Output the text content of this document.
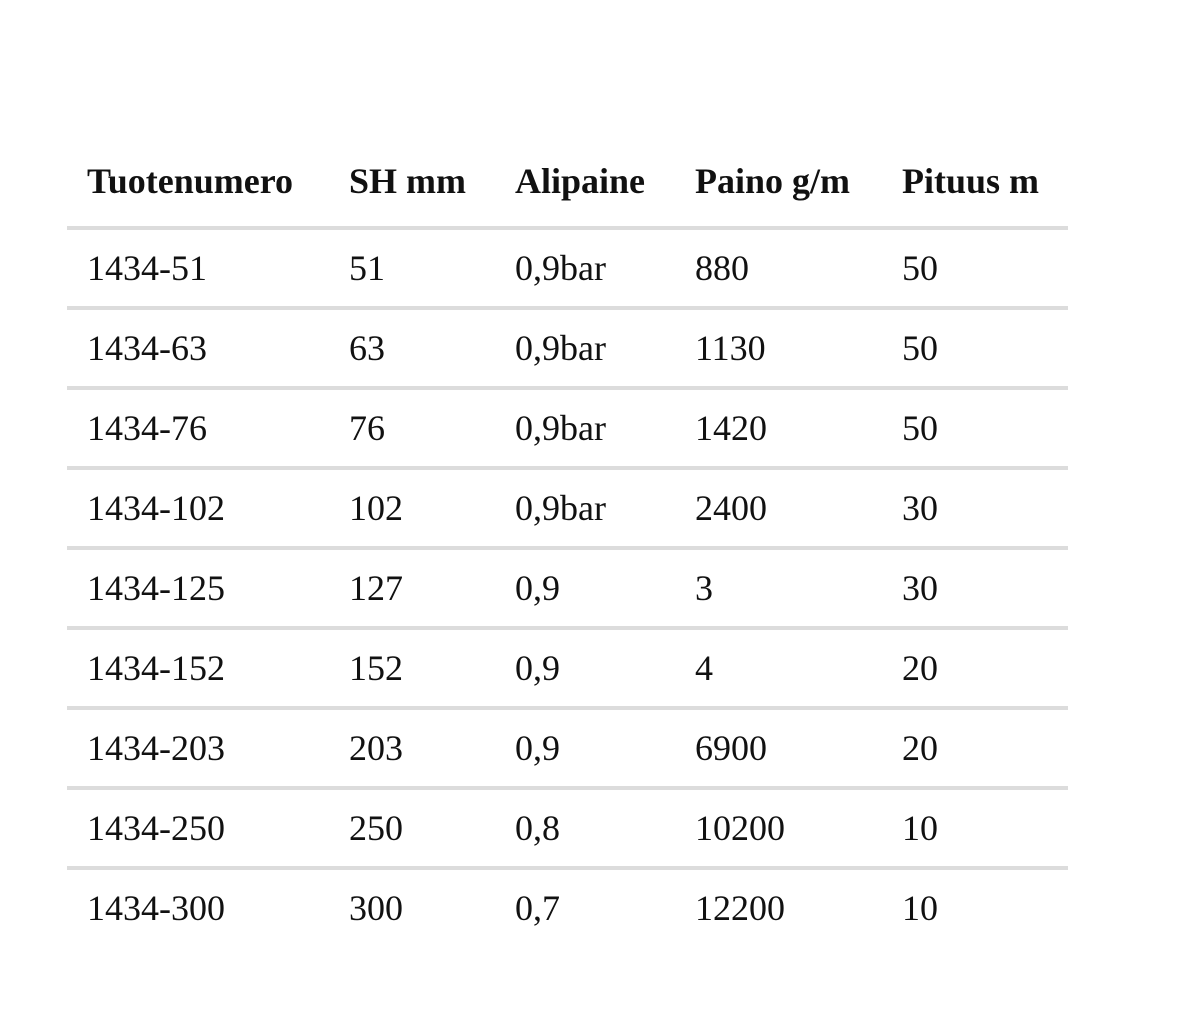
Tuotenumero	SH mm	Alipaine	Paino g/m	Pituus m
1434-51	51	0,9bar	880	50
1434-63	63	0,9bar	1130	50
1434-76	76	0,9bar	1420	50
1434-102	102	0,9bar	2400	30
1434-125	127	0,9	3	30
1434-152	152	0,9	4	20
1434-203	203	0,9	6900	20
1434-250	250	0,8	10200	10
1434-300	300	0,7	12200	10
